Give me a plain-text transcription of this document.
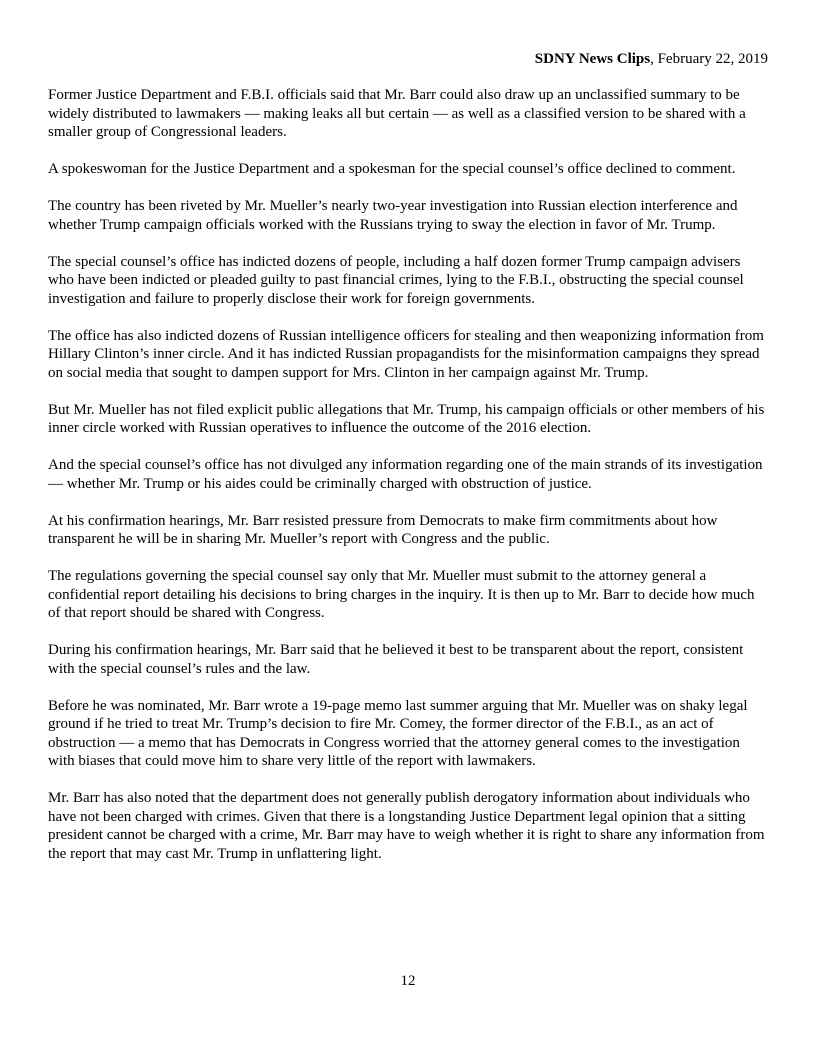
SDNY News Clips, February 22, 2019

Former Justice Department and F.B.I. officials said that Mr. Barr could also draw up an unclassified summary to be widely distributed to lawmakers — making leaks all but certain — as well as a classified version to be shared with a smaller group of Congressional leaders.

A spokeswoman for the Justice Department and a spokesman for the special counsel’s office declined to comment.

The country has been riveted by Mr. Mueller’s nearly two-year investigation into Russian election interference and whether Trump campaign officials worked with the Russians trying to sway the election in favor of Mr. Trump.

The special counsel’s office has indicted dozens of people, including a half dozen former Trump campaign advisers who have been indicted or pleaded guilty to past financial crimes, lying to the F.B.I., obstructing the special counsel investigation and failure to properly disclose their work for foreign governments.

The office has also indicted dozens of Russian intelligence officers for stealing and then weaponizing information from Hillary Clinton’s inner circle. And it has indicted Russian propagandists for the misinformation campaigns they spread on social media that sought to dampen support for Mrs. Clinton in her campaign against Mr. Trump.

But Mr. Mueller has not filed explicit public allegations that Mr. Trump, his campaign officials or other members of his inner circle worked with Russian operatives to influence the outcome of the 2016 election.

And the special counsel’s office has not divulged any information regarding one of the main strands of its investigation — whether Mr. Trump or his aides could be criminally charged with obstruction of justice.

At his confirmation hearings, Mr. Barr resisted pressure from Democrats to make firm commitments about how transparent he will be in sharing Mr. Mueller’s report with Congress and the public.

The regulations governing the special counsel say only that Mr. Mueller must submit to the attorney general a confidential report detailing his decisions to bring charges in the inquiry. It is then up to Mr. Barr to decide how much of that report should be shared with Congress.

During his confirmation hearings, Mr. Barr said that he believed it best to be transparent about the report, consistent with the special counsel’s rules and the law.

Before he was nominated, Mr. Barr wrote a 19-page memo last summer arguing that Mr. Mueller was on shaky legal ground if he tried to treat Mr. Trump’s decision to fire Mr. Comey, the former director of the F.B.I., as an act of obstruction — a memo that has Democrats in Congress worried that the attorney general comes to the investigation with biases that could move him to share very little of the report with lawmakers.

Mr. Barr has also noted that the department does not generally publish derogatory information about individuals who have not been charged with crimes. Given that there is a longstanding Justice Department legal opinion that a sitting president cannot be charged with a crime, Mr. Barr may have to weigh whether it is right to share any information from the report that may cast Mr. Trump in unflattering light.

12
